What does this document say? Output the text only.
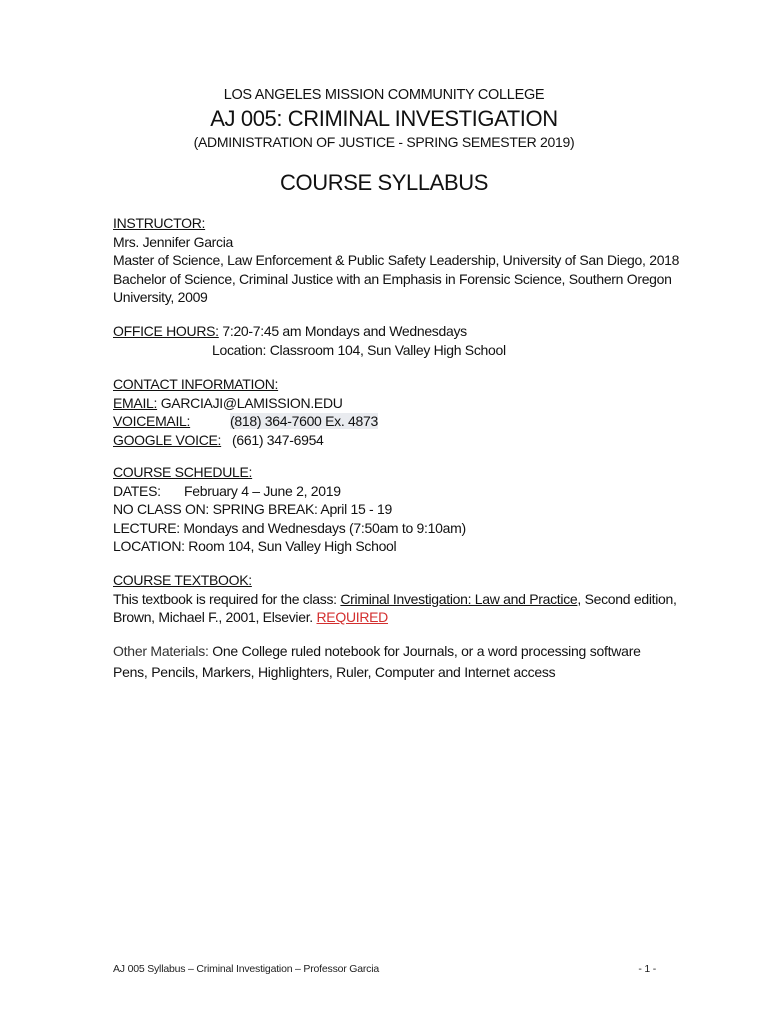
LOS ANGELES MISSION COMMUNITY COLLEGE
AJ 005: CRIMINAL INVESTIGATION
(ADMINISTRATION OF JUSTICE - SPRING SEMESTER 2019)
COURSE SYLLABUS
INSTRUCTOR:
Mrs. Jennifer Garcia
Master of Science, Law Enforcement & Public Safety Leadership, University of San Diego, 2018
Bachelor of Science, Criminal Justice with an Emphasis in Forensic Science, Southern Oregon
University, 2009
OFFICE HOURS: 7:20-7:45 am Mondays and Wednesdays
Location: Classroom 104, Sun Valley High School
CONTACT INFORMATION:
EMAIL: GARCIAJI@LAMISSION.EDU
VOICEMAIL:	(818) 364-7600 Ex. 4873
GOOGLE VOICE: (661) 347-6954
COURSE SCHEDULE:
DATES: February 4 – June 2, 2019
NO CLASS ON: SPRING BREAK: April 15 - 19
LECTURE: Mondays and Wednesdays (7:50am to 9:10am)
LOCATION: Room 104, Sun Valley High School
COURSE TEXTBOOK:
This textbook is required for the class: Criminal Investigation: Law and Practice, Second edition,
Brown, Michael F., 2001, Elsevier. REQUIRED
Other Materials: One College ruled notebook for Journals, or a word processing software
Pens, Pencils, Markers, Highlighters, Ruler, Computer and Internet access
AJ 005 Syllabus – Criminal Investigation – Professor Garcia	- 1 -
